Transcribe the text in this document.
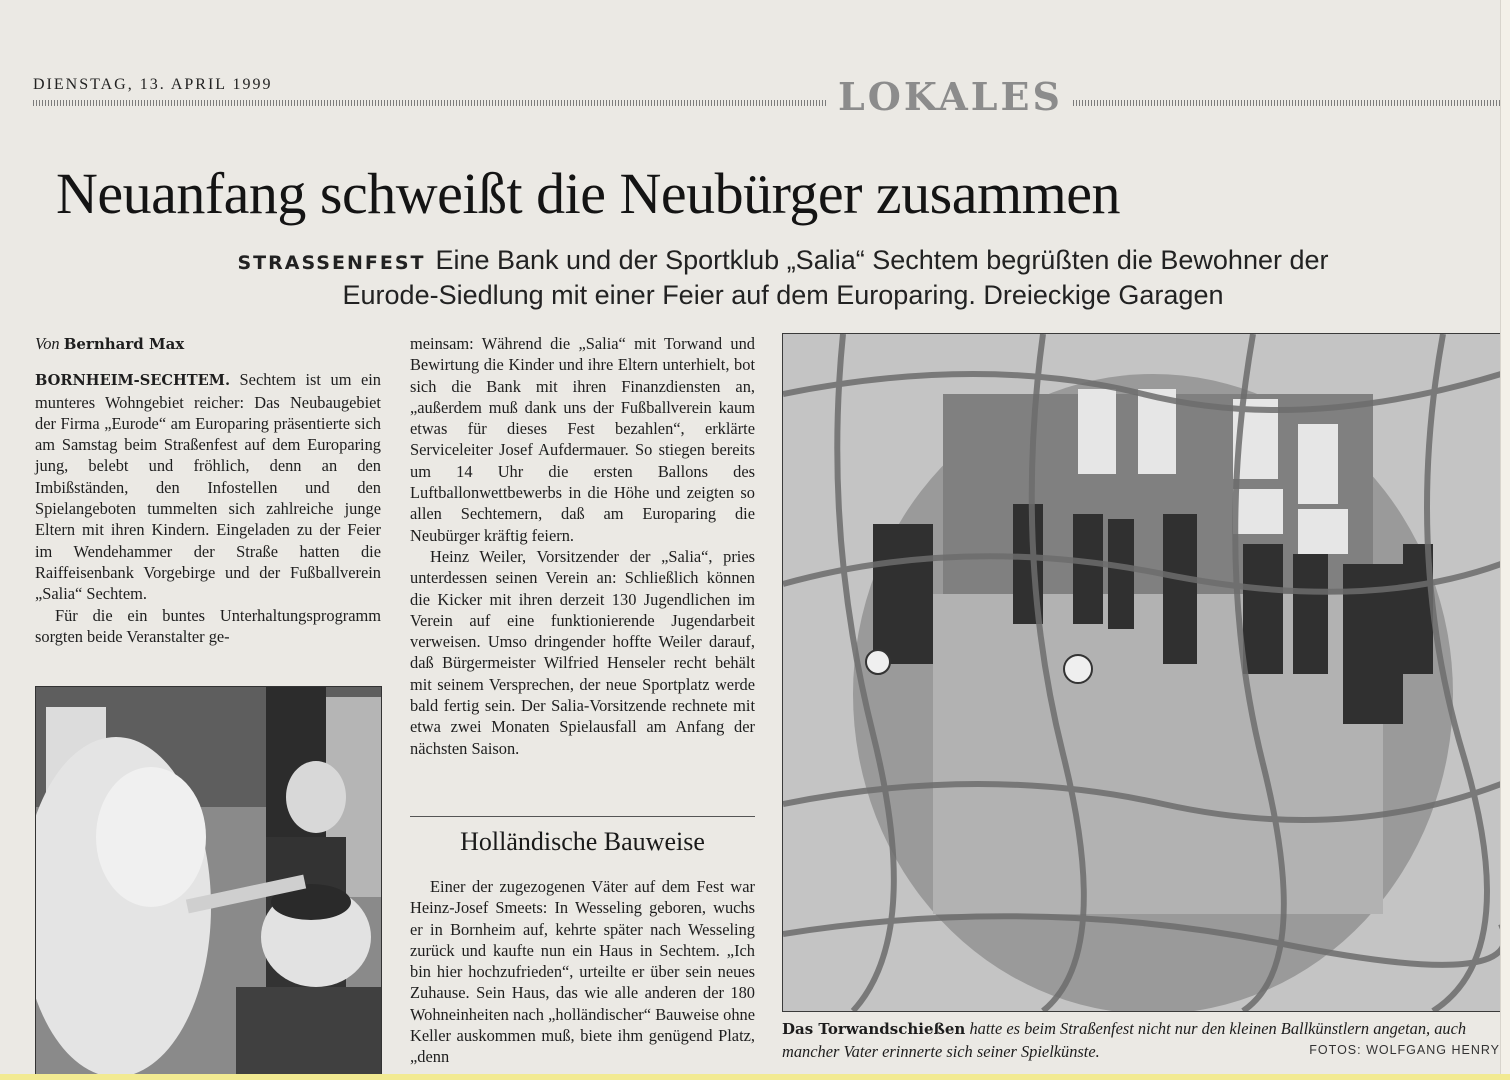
DIENSTAG, 13. APRIL 1999	LOKALES
Neuanfang schweißt die Neubürger zusammen
STRASSENFEST Eine Bank und der Sportklub „Salia“ Sechtem begrüßten die Bewohner der Eurode-Siedlung mit einer Feier auf dem Europaring. Dreieckige Garagen

Von Bernhard Max

BORNHEIM-SECHTEM. Sechtem ist um ein munteres Wohngebiet reicher: Das Neubaugebiet der Firma „Eurode“ am Europaring präsentierte sich am Samstag beim Straßenfest auf dem Europaring jung, belebt und fröhlich, denn an den Imbißständen, den Infostellen und den Spielangeboten tummelten sich zahlreiche junge Eltern mit ihren Kindern. Eingeladen zu der Feier im Wendehammer der Straße hatten die Raiffeisenbank Vorgebirge und der Fußballverein „Salia“ Sechtem.

Für die ein buntes Unterhaltungsprogramm sorgten beide Veranstalter ge-

meinsam: Während die „Salia“ mit Torwand und Bewirtung die Kinder und ihre Eltern unterhielt, bot sich die Bank mit ihren Finanzdiensten an, „außerdem muß dank uns der Fußballverein kaum etwas für dieses Fest bezahlen“, erklärte Serviceleiter Josef Aufdermauer. So stiegen bereits um 14 Uhr die ersten Ballons des Luftballonwettbewerbs in die Höhe und zeigten so allen Sechtemern, daß am Europaring die Neubürger kräftig feiern.

Heinz Weiler, Vorsitzender der „Salia“, pries unterdessen seinen Verein an: Schließlich können die Kicker mit ihren derzeit 130 Jugendlichen im Verein auf eine funktionierende Jugendarbeit verweisen. Umso dringender hoffte Weiler darauf, daß Bürgermeister Wilfried Henseler recht behält mit seinem Versprechen, der neue Sportplatz werde bald fertig sein. Der Salia-Vorsitzende rechnete mit etwa zwei Monaten Spielausfall am Anfang der nächsten Saison.

Holländische Bauweise

Einer der zugezogenen Väter auf dem Fest war Heinz-Josef Smeets: In Wesseling geboren, wuchs er in Bornheim auf, kehrte später nach Wesseling zurück und kaufte nun ein Haus in Sechtem. „Ich bin hier hochzufrieden“, urteilte er über sein neues Zuhause. Sein Haus, das wie alle anderen der 180 Wohneinheiten nach „holländischer“ Bauweise ohne Keller auskommen muß, biete ihm genügend Platz, „denn

Das Torwandschießen hatte es beim Straßenfest nicht nur den kleinen Ballkünstlern angetan, auch mancher Vater erinnerte sich seiner Spielkünste.	FOTOS: WOLFGANG HENRY
